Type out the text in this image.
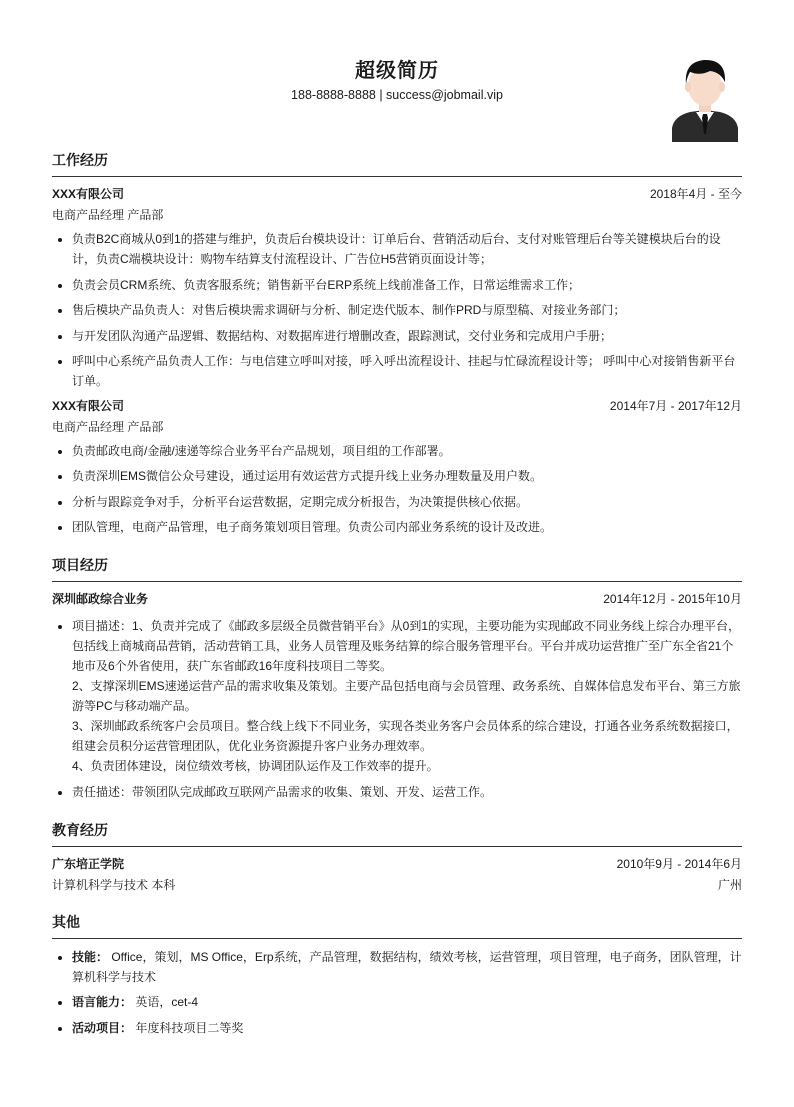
超级简历
188-8888-8888 | success@jobmail.vip
工作经历
XXX有限公司	2018年4月 - 至今
电商产品经理 产品部
• 负责B2C商城从0到1的搭建与维护，负责后台模块设计：订单后台、营销活动后台、支付对账管理后台等关键模块后台的设计，负责C端模块设计：购物车结算支付流程设计、广告位H5营销页面设计等；
• 负责会员CRM系统、负责客服系统；销售新平台ERP系统上线前准备工作，日常运维需求工作；
• 售后模块产品负责人：对售后模块需求调研与分析、制定迭代版本、制作PRD与原型稿、对接业务部门；
• 与开发团队沟通产品逻辑、数据结构、对数据库进行增删改查，跟踪测试，交付业务和完成用户手册；
• 呼叫中心系统产品负责人工作：与电信建立呼叫对接，呼入呼出流程设计、挂起与忙碌流程设计等； 呼叫中心对接销售新平台订单。
XXX有限公司	2014年7月 - 2017年12月
电商产品经理 产品部
• 负责邮政电商/金融/速递等综合业务平台产品规划，项目组的工作部署。
• 负责深圳EMS微信公众号建设，通过运用有效运营方式提升线上业务办理数量及用户数。
• 分析与跟踪竞争对手，分析平台运营数据，定期完成分析报告，为决策提供核心依据。
• 团队管理，电商产品管理，电子商务策划项目管理。负责公司内部业务系统的设计及改进。
项目经历
深圳邮政综合业务	2014年12月 - 2015年10月
• 项目描述：1、负责并完成了《邮政多层级全员微营销平台》从0到1的实现，主要功能为实现邮政不同业务线上综合办理平台，包括线上商城商品营销，活动营销工具，业务人员管理及账务结算的综合服务管理平台。平台并成功运营推广至广东全省21个地市及6个外省使用，获广东省邮政16年度科技项目二等奖。
2、支撑深圳EMS速递运营产品的需求收集及策划。主要产品包括电商与会员管理、政务系统、自媒体信息发布平台、第三方旅游等PC与移动端产品。
3、深圳邮政系统客户会员项目。整合线上线下不同业务，实现各类业务客户会员体系的综合建设，打通各业务系统数据接口，组建会员积分运营管理团队，优化业务资源提升客户业务办理效率。
4、负责团体建设，岗位绩效考核，协调团队运作及工作效率的提升。
• 责任描述：带领团队完成邮政互联网产品需求的收集、策划、开发、运营工作。
教育经历
广东培正学院	2010年9月 - 2014年6月
计算机科学与技术 本科	广州
其他
• 技能： Office，策划，MS Office，Erp系统，产品管理，数据结构，绩效考核，运营管理，项目管理，电子商务，团队管理，计算机科学与技术
• 语言能力： 英语，cet-4
• 活动项目： 年度科技项目二等奖
